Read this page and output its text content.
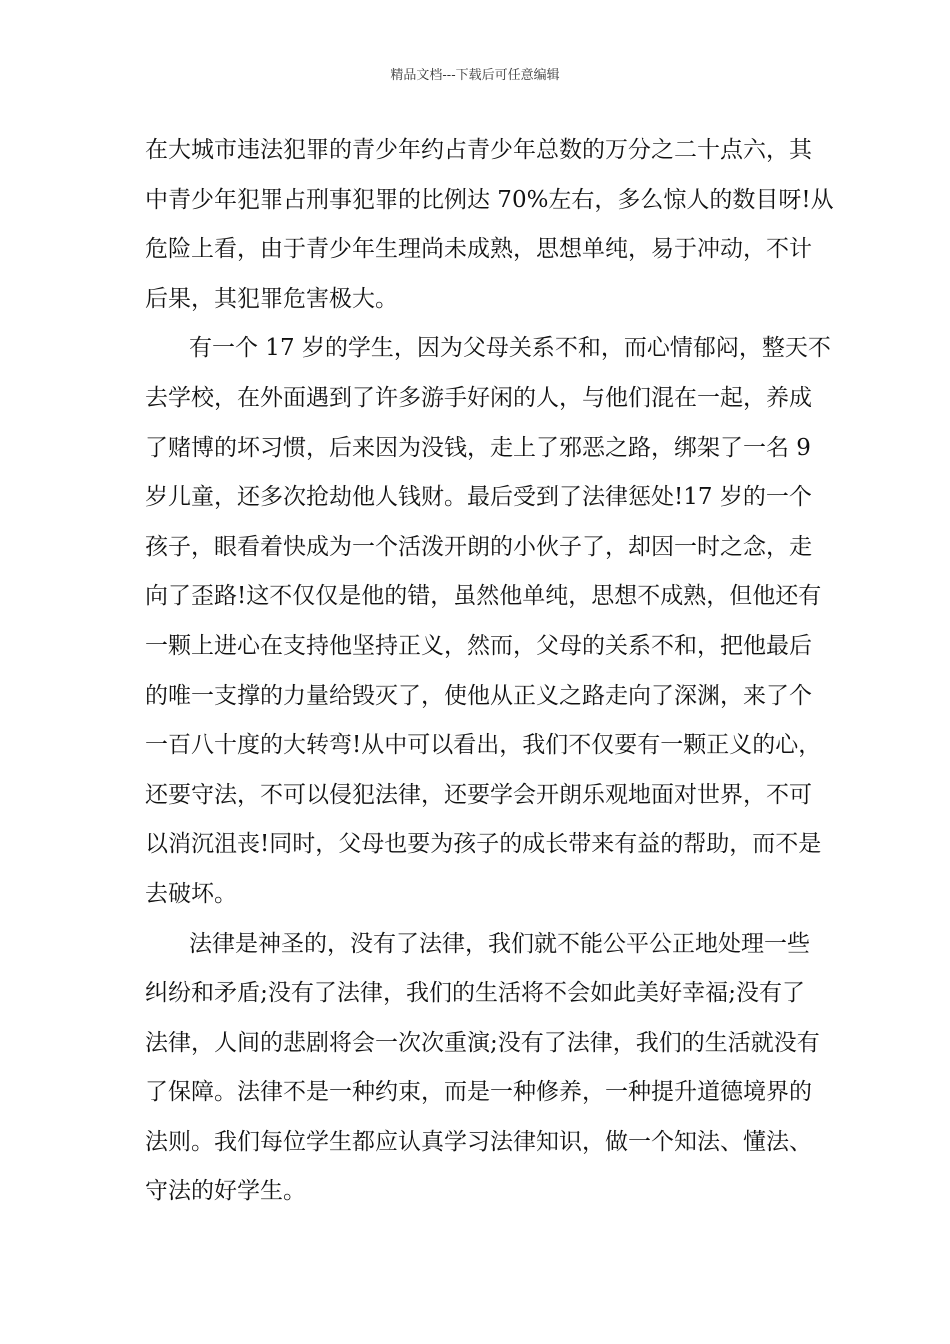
精品文档---下载后可任意编辑
在大城市违法犯罪的青少年约占青少年总数的万分之二十点六，其
中青少年犯罪占刑事犯罪的比例达 70%左右，多么惊人的数目呀!从
危险上看，由于青少年生理尚未成熟，思想单纯，易于冲动，不计
后果，其犯罪危害极大。
有一个 17 岁的学生，因为父母关系不和，而心情郁闷，整天不
去学校，在外面遇到了许多游手好闲的人，与他们混在一起，养成
了赌博的坏习惯，后来因为没钱，走上了邪恶之路，绑架了一名 9
岁儿童，还多次抢劫他人钱财。最后受到了法律惩处!17 岁的一个
孩子，眼看着快成为一个活泼开朗的小伙子了，却因一时之念，走
向了歪路!这不仅仅是他的错，虽然他单纯，思想不成熟，但他还有
一颗上进心在支持他坚持正义，然而，父母的关系不和，把他最后
的唯一支撑的力量给毁灭了，使他从正义之路走向了深渊，来了个
一百八十度的大转弯!从中可以看出，我们不仅要有一颗正义的心，
还要守法，不可以侵犯法律，还要学会开朗乐观地面对世界，不可
以消沉沮丧!同时，父母也要为孩子的成长带来有益的帮助，而不是
去破坏。
法律是神圣的，没有了法律，我们就不能公平公正地处理一些
纠纷和矛盾;没有了法律，我们的生活将不会如此美好幸福;没有了
法律，人间的悲剧将会一次次重演;没有了法律，我们的生活就没有
了保障。法律不是一种约束，而是一种修养，一种提升道德境界的
法则。我们每位学生都应认真学习法律知识，做一个知法、懂法、
守法的好学生。
